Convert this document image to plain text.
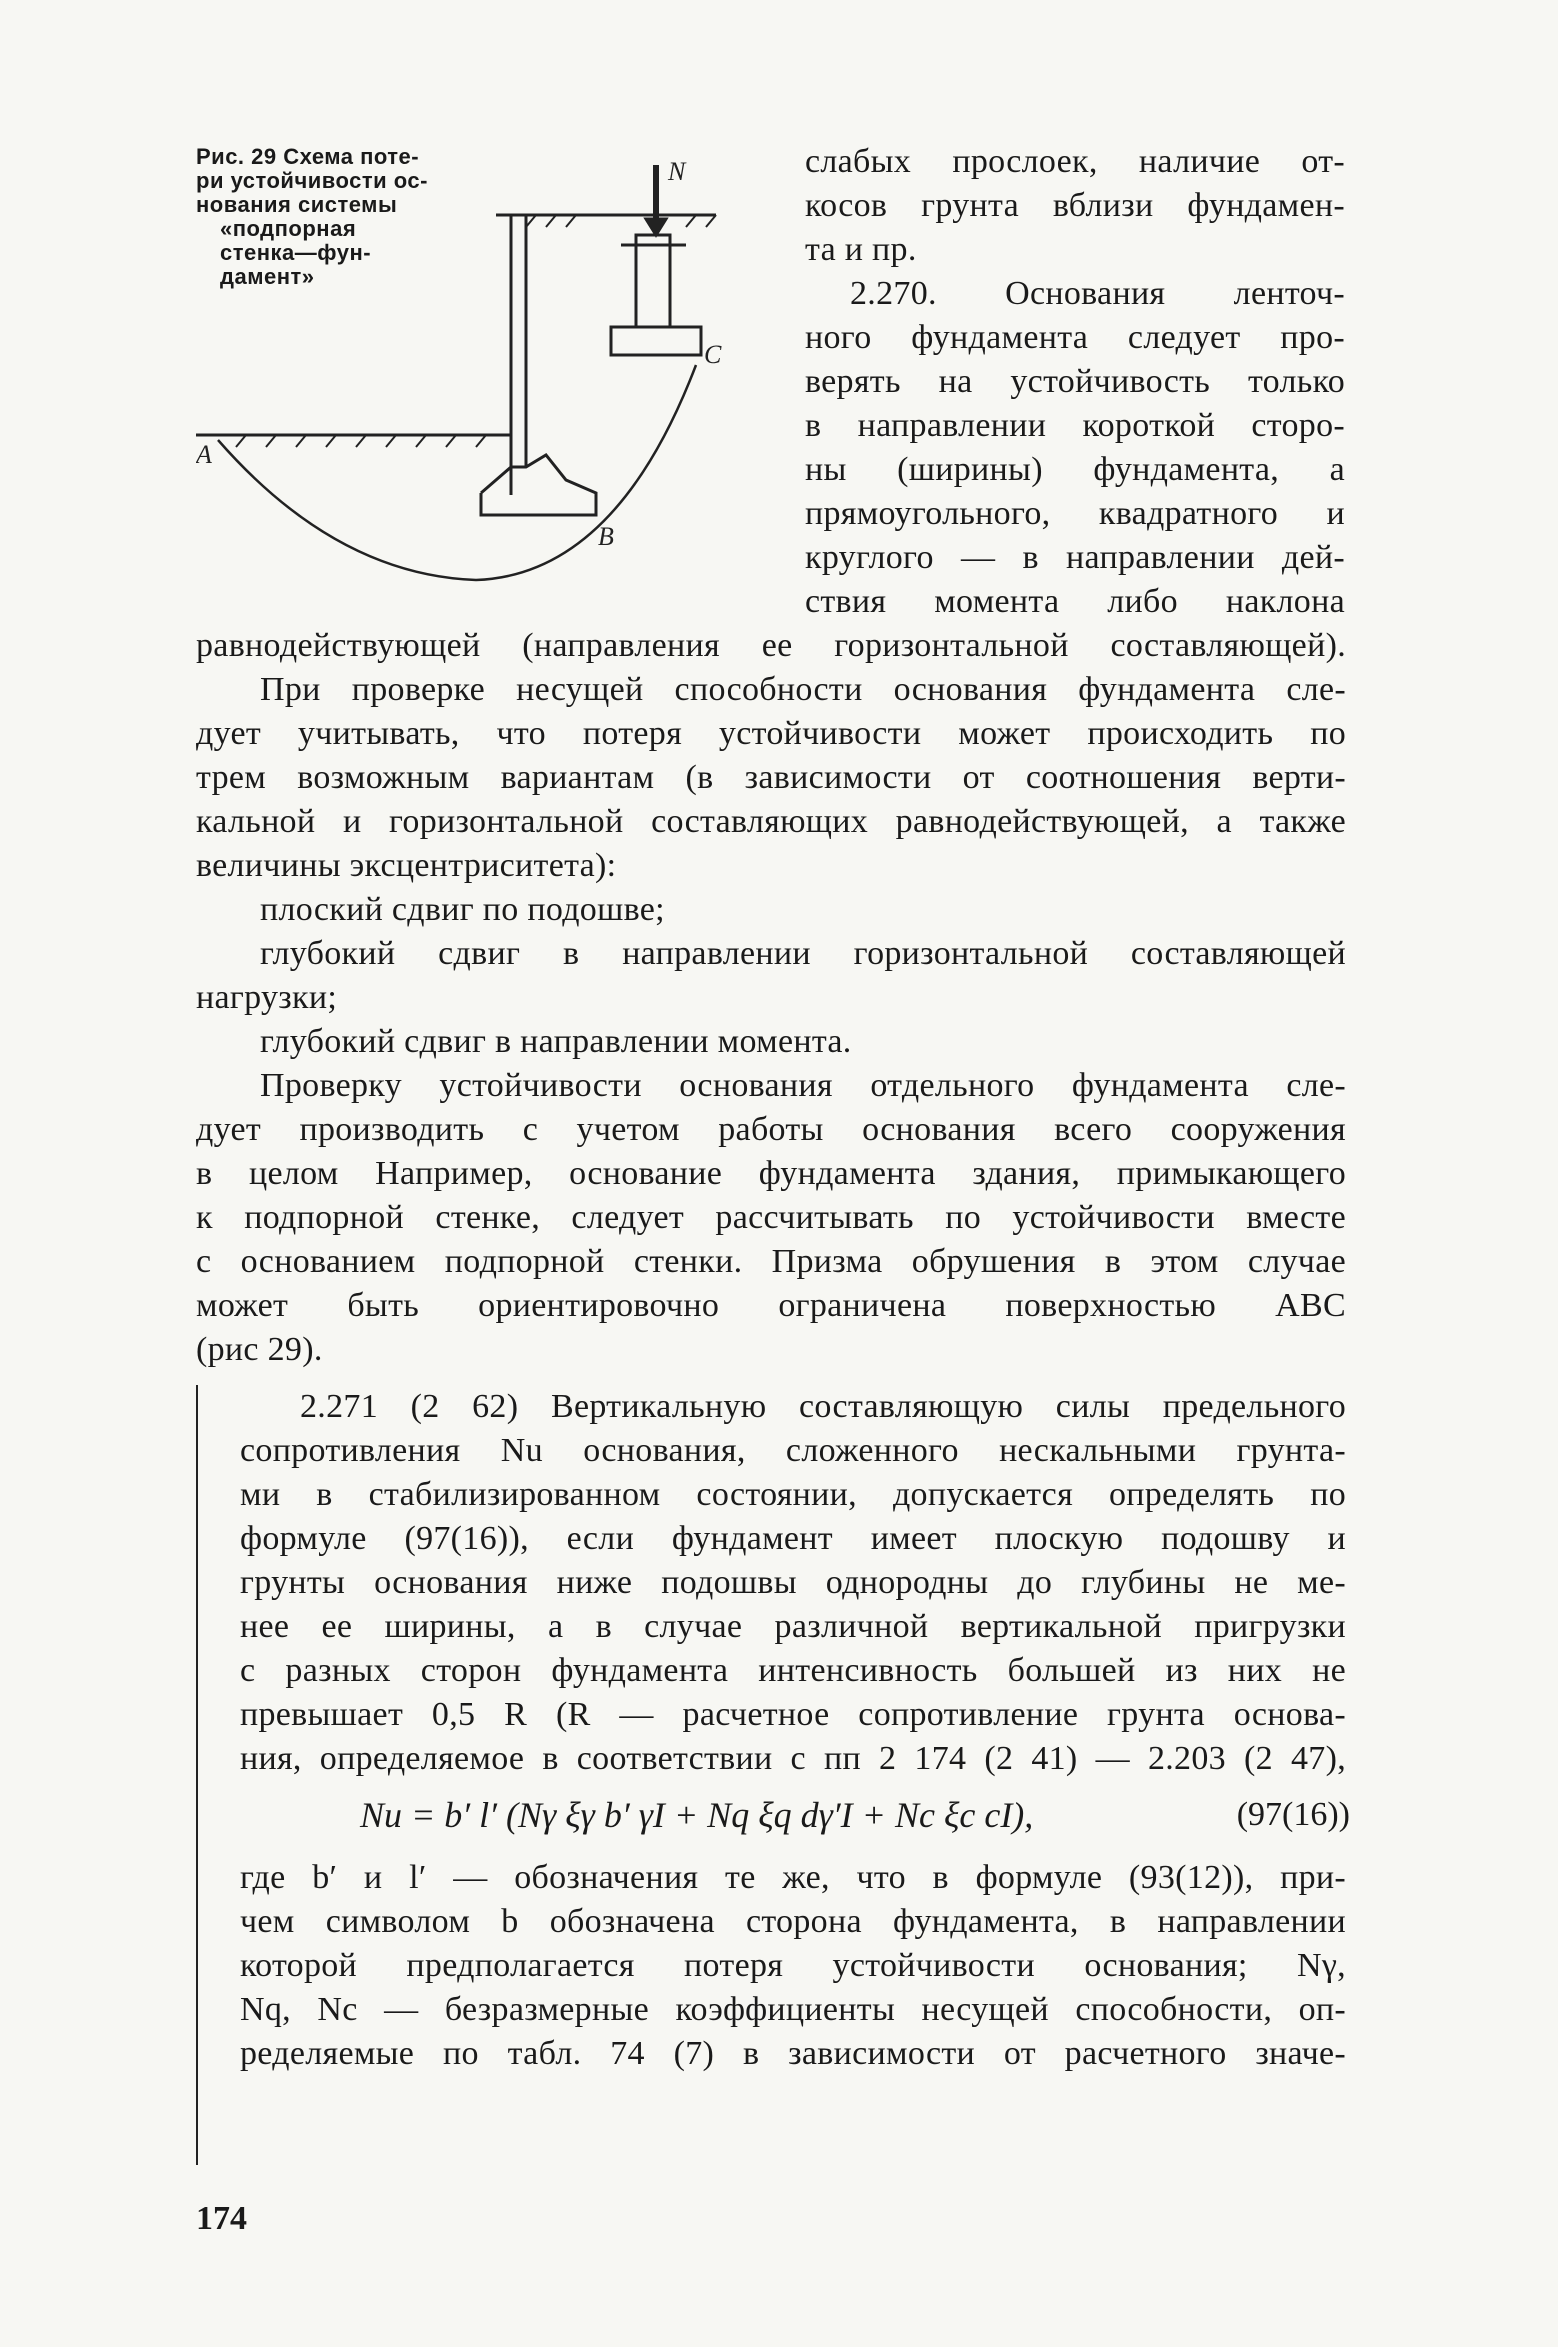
Рис. 29 Схема поте-
ри устойчивости ос-
нования системы
«подпорная
стенка—фун-
дамент»
N
A
B
C
слабых прослоек, наличие от-
косов грунта вблизи фундамен-
та и пр.
2.270. Основания ленточ-
ного фундамента следует про-
верять на устойчивость только
в направлении короткой сторо-
ны (ширины) фундамента, а
прямоугольного, квадратного и
круглого — в направлении дей-
ствия момента либо наклона
равнодействующей (направления ее горизонтальной составляющей).
При проверке несущей способности основания фундамента сле-
дует учитывать, что потеря устойчивости может происходить по
трем возможным вариантам (в зависимости от соотношения верти-
кальной и горизонтальной составляющих равнодействующей, а также
величины эксцентриситета):
плоский сдвиг по подошве;
глубокий сдвиг в направлении горизонтальной составляющей
нагрузки;
глубокий сдвиг в направлении момента.
Проверку устойчивости основания отдельного фундамента сле-
дует производить с учетом работы основания всего сооружения
в целом Например, основание фундамента здания, примыкающего
к подпорной стенке, следует рассчитывать по устойчивости вместе
с основанием подпорной стенки. Призма обрушения в этом случае
может быть ориентировочно ограничена поверхностью ABC
(рис 29).
2.271 (2 62) Вертикальную составляющую силы предельного
сопротивления Nu основания, сложенного нескальными грунта-
ми в стабилизированном состоянии, допускается определять по
формуле (97(16)), если фундамент имеет плоскую подошву и
грунты основания ниже подошвы однородны до глубины не ме-
нее ее ширины, а в случае различной вертикальной пригрузки
с разных сторон фундамента интенсивность большей из них не
превышает 0,5 R (R — расчетное сопротивление грунта основа-
ния, определяемое в соответствии с пп 2 174 (2 41) — 2.203 (2 47),
Nu = b′ l′ (Nγ ξγ b′ γI + Nq ξq dγ′I + Nc ξc cI),	(97(16))
где b′ и l′ — обозначения те же, что в формуле (93(12)), при-
чем символом b обозначена сторона фундамента, в направлении
которой предполагается потеря устойчивости основания; Nγ,
Nq, Nc — безразмерные коэффициенты несущей способности, оп-
ределяемые по табл. 74 (7) в зависимости от расчетного значе-
174
